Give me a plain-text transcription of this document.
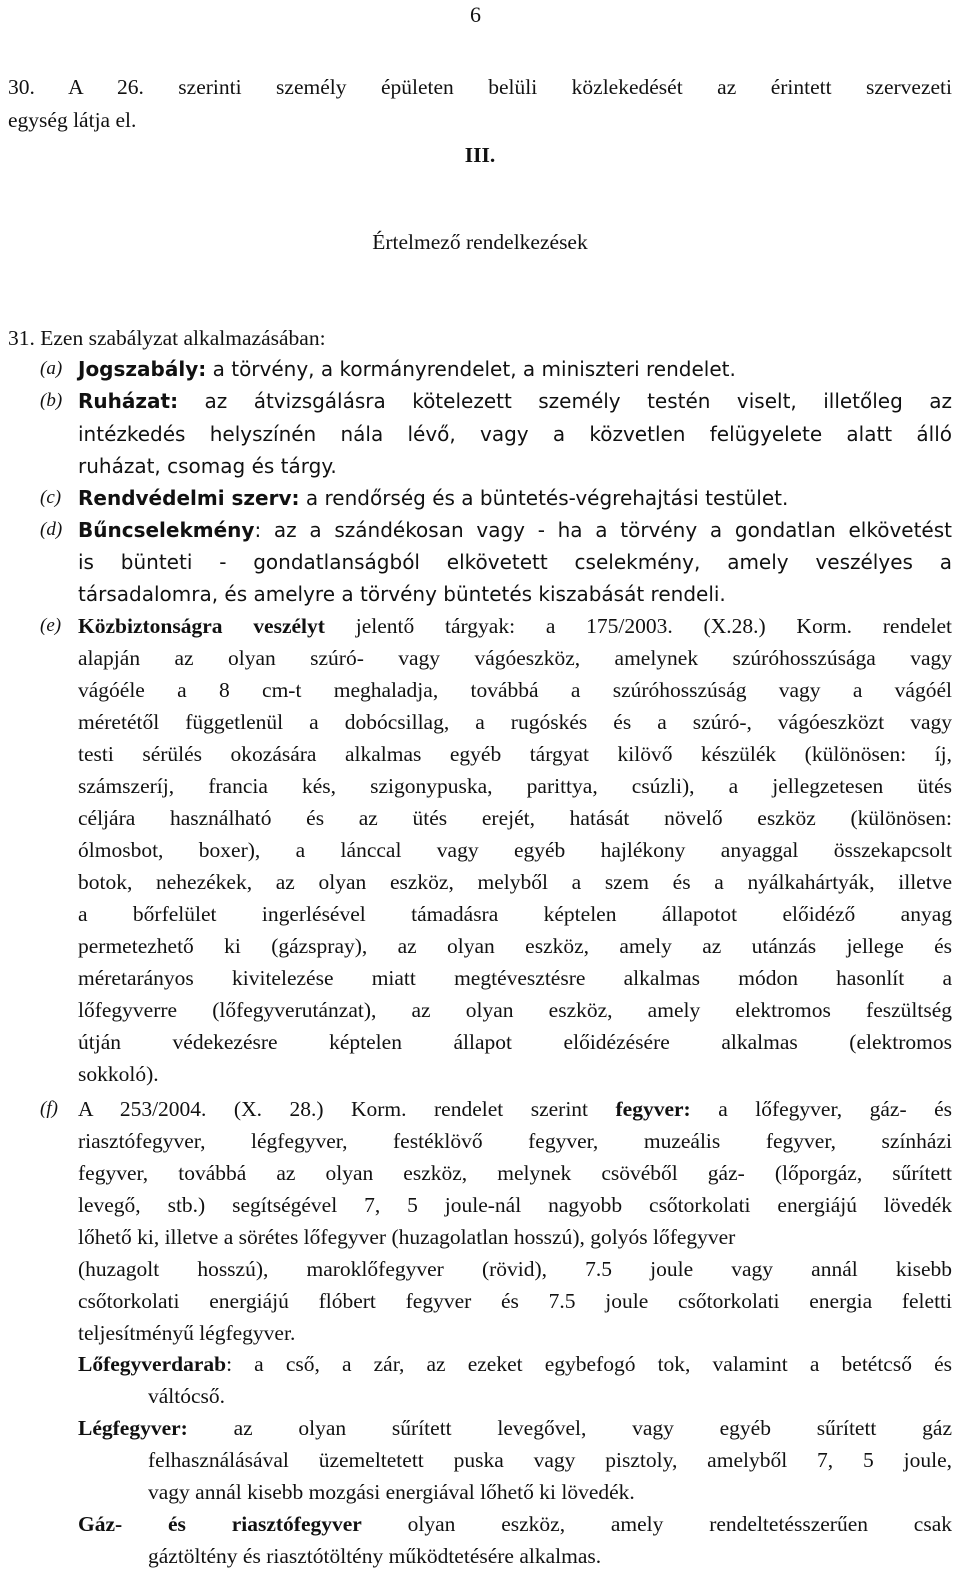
6
30. A 26. szerinti személy épületen belüli közlekedését az érintett szervezeti
egység látja el.
III.
Értelmező rendelkezések
31. Ezen szabályzat alkalmazásában:
(a) Jogszabály: a törvény, a kormányrendelet, a miniszteri rendelet.
(b) Ruházat: az átvizsgálásra kötelezett személy testén viselt, illetőleg az
intézkedés helyszínén nála lévő, vagy a közvetlen felügyelete alatt álló
ruházat, csomag és tárgy.
(c) Rendvédelmi szerv: a rendőrség és a büntetés-végrehajtási testület.
(d) Bűncselekmény: az a szándékosan vagy - ha a törvény a gondatlan elkövetést
is bünteti - gondatlanságból elkövetett cselekmény, amely veszélyes a
társadalomra, és amelyre a törvény büntetés kiszabását rendeli.
(e) Közbiztonságra veszélyt jelentő tárgyak: a 175/2003. (X.28.) Korm. rendelet
alapján az olyan szúró- vagy vágóeszköz, amelynek szúróhosszúsága vagy
vágóéle a 8 cm-t meghaladja, továbbá a szúróhosszúság vagy a vágóél
méretétől függetlenül a dobócsillag, a rugóskés és a szúró-, vágóeszközt vagy
testi sérülés okozására alkalmas egyéb tárgyat kilövő készülék (különösen: íj,
számszeríj, francia kés, szigonypuska, parittya, csúzli), a jellegzetesen ütés
céljára használható és az ütés erejét, hatását növelő eszköz (különösen:
ólmosbot, boxer), a lánccal vagy egyéb hajlékony anyaggal összekapcsolt
botok, nehezékek, az olyan eszköz, melyből a szem és a nyálkahártyák, illetve
a bőrfelület ingerlésével támadásra képtelen állapotot előidéző anyag
permetezhető ki (gázspray), az olyan eszköz, amely az utánzás jellege és
méretarányos kivitelezése miatt megtévesztésre alkalmas módon hasonlít a
lőfegyverre (lőfegyverutánzat), az olyan eszköz, amely elektromos feszültség
útján védekezésre képtelen állapot előidézésére alkalmas (elektromos
sokkoló).
(f) A 253/2004. (X. 28.) Korm. rendelet szerint fegyver: a lőfegyver, gáz- és
riasztófegyver, légfegyver, festéklövő fegyver, muzeális fegyver, színházi
fegyver, továbbá az olyan eszköz, melynek csövéből gáz- (lőporgáz, sűrített
levegő, stb.) segítségével 7, 5 joule-nál nagyobb csőtorkolati energiájú lövedék
lőhető ki, illetve a sörétes lőfegyver (huzagolatlan hosszú), golyós lőfegyver
(huzagolt hosszú), maroklőfegyver (rövid), 7.5 joule vagy annál kisebb
csőtorkolati energiájú flóbert fegyver és 7.5 joule csőtorkolati energia feletti
teljesítményű légfegyver.
Lőfegyverdarab: a cső, a zár, az ezeket egybefogó tok, valamint a betétcső és
váltócső.
Légfegyver: az olyan sűrített levegővel, vagy egyéb sűrített gáz
felhasználásával üzemeltetett puska vagy pisztoly, amelyből 7, 5 joule,
vagy annál kisebb mozgási energiával lőhető ki lövedék.
Gáz- és riasztófegyver olyan eszköz, amely rendeltetésszerűen csak
gáztöltény és riasztótöltény működtetésére alkalmas.
